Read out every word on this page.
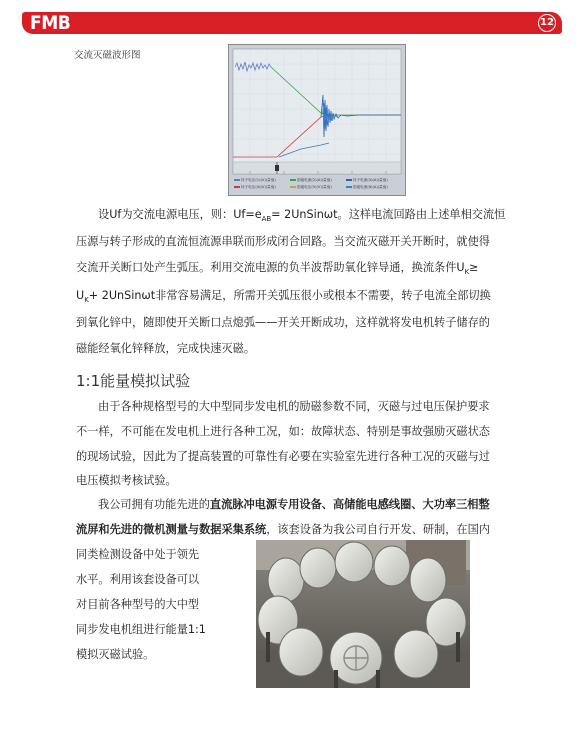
FMB	12
交流灭磁波形图
转子电压(1)(V)(量值)	励磁电流(2)(A)(量值)	转子电流(3)(A)(量值)
转子电压(4)(V)(量值)	励磁电压(5)(V)(量值)	励磁电流(6)(A)(量值)
设Uf为交流电源电压，则：$Uf=e_{AB}=$ 2UnSinωt。这样电流回路由上述单相交流恒
压源与转子形成的直流恒流源串联而形成闭合回路。当交流灭磁开关开断时，就使得
交流开关断口处产生弧压。利用交流电源的负半波帮助氧化锌导通，换流条件$U_K\ge$
$U_K+$ 2UnSinωt非常容易满足，所需开关弧压很小或根本不需要，转子电流全部切换
到氧化锌中，随即使开关断口点熄弧——开关开断成功，这样就将发电机转子储存的
磁能经氧化锌释放，完成快速灭磁。
1:1能量模拟试验
由于各种规格型号的大中型同步发电机的励磁参数不同，灭磁与过电压保护要求
不一样，不可能在发电机上进行各种工况，如：故障状态、特别是事故强励灭磁状态
的现场试验，因此为了提高装置的可靠性有必要在实验室先进行各种工况的灭磁与过
电压模拟考核试验。
我公司拥有功能先进的直流脉冲电源专用设备、高储能电感线圈、大功率三相整
流屏和先进的微机测量与数据采集系统，该套设备为我公司自行开发、研制，在国内
同类检测设备中处于领先
水平。利用该套设备可以
对目前各种型号的大中型
同步发电机组进行能量1:1
模拟灭磁试验。
